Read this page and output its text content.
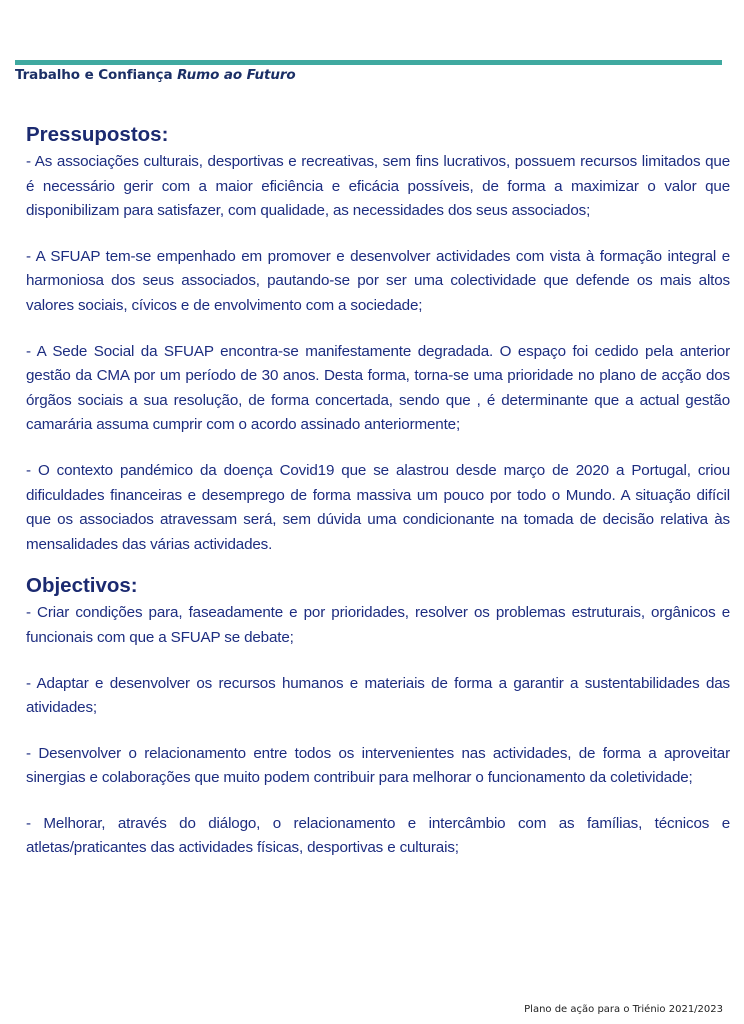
Trabalho e Confiança Rumo ao Futuro
Pressupostos:

- As associações culturais, desportivas e recreativas, sem fins lucrativos, possuem recursos limitados que é necessário gerir com a maior eficiência e eficácia possíveis, de forma a maximizar o valor que disponibilizam para satisfazer, com qualidade, as necessidades dos seus associados;

- A SFUAP tem-se empenhado em promover e desenvolver actividades com vista à formação integral e harmoniosa dos seus associados, pautando-se por ser uma colectividade que defende os mais altos valores sociais, cívicos e de envolvimento com a sociedade;

- A Sede Social da SFUAP encontra-se manifestamente degradada. O espaço foi cedido pela anterior gestão da CMA por um período de 30 anos. Desta forma, torna-se uma prioridade no plano de acção dos órgãos sociais a sua resolução, de forma concertada, sendo que , é determinante que a actual gestão camarária assuma cumprir com o acordo assinado anteriormente;

- O contexto pandémico da doença Covid19 que se alastrou desde março de 2020 a Portugal, criou dificuldades financeiras e desemprego de forma massiva um pouco por todo o Mundo. A situação difícil que os associados atravessam será, sem dúvida uma condicionante na tomada de decisão relativa às mensalidades das várias actividades.

Objectivos:

- Criar condições para, faseadamente e por prioridades, resolver os problemas estruturais, orgânicos e funcionais com que a SFUAP se debate;

- Adaptar e desenvolver os recursos humanos e materiais de forma a garantir a sustentabilidades das atividades;

- Desenvolver o relacionamento entre todos os intervenientes nas actividades, de forma a aproveitar sinergias e colaborações que muito podem contribuir para melhorar o funcionamento da coletividade;

- Melhorar, através do diálogo, o relacionamento e intercâmbio com as famílias, técnicos e atletas/praticantes das actividades físicas, desportivas e culturais;

Plano de ação para o Triénio 2021/2023
